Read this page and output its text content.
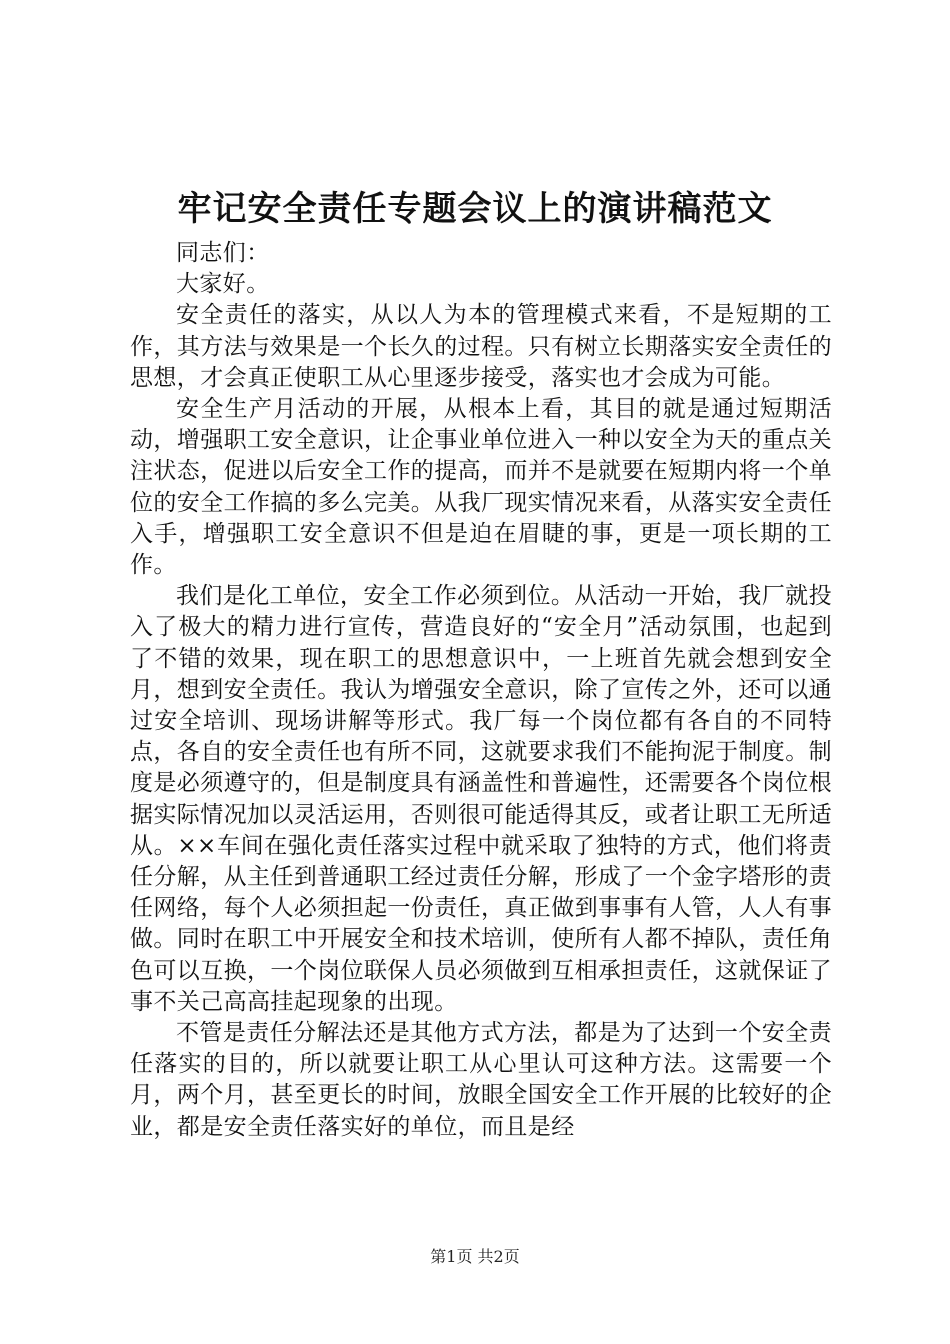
牢记安全责任专题会议上的演讲稿范文

同志们：

大家好。

安全责任的落实，从以人为本的管理模式来看，不是短期的工作，其方法与效果是一个长久的过程。只有树立长期落实安全责任的思想，才会真正使职工从心里逐步接受，落实也才会成为可能。

安全生产月活动的开展，从根本上看，其目的就是通过短期活动，增强职工安全意识，让企事业单位进入一种以安全为天的重点关注状态，促进以后安全工作的提高，而并不是就要在短期内将一个单位的安全工作搞的多么完美。从我厂现实情况来看，从落实安全责任入手，增强职工安全意识不但是迫在眉睫的事，更是一项长期的工作。

我们是化工单位，安全工作必须到位。从活动一开始，我厂就投入了极大的精力进行宣传，营造良好的“安全月”活动氛围，也起到了不错的效果，现在职工的思想意识中，一上班首先就会想到安全月，想到安全责任。我认为增强安全意识，除了宣传之外，还可以通过安全培训、现场讲解等形式。我厂每一个岗位都有各自的不同特点，各自的安全责任也有所不同，这就要求我们不能拘泥于制度。制度是必须遵守的，但是制度具有涵盖性和普遍性，还需要各个岗位根据实际情况加以灵活运用，否则很可能适得其反，或者让职工无所适从。××车间在强化责任落实过程中就采取了独特的方式，他们将责任分解，从主任到普通职工经过责任分解，形成了一个金字塔形的责任网络，每个人必须担起一份责任，真正做到事事有人管，人人有事做。同时在职工中开展安全和技术培训，使所有人都不掉队，责任角色可以互换，一个岗位联保人员必须做到互相承担责任，这就保证了事不关己高高挂起现象的出现。

不管是责任分解法还是其他方式方法，都是为了达到一个安全责任落实的目的，所以就要让职工从心里认可这种方法。这需要一个月，两个月，甚至更长的时间，放眼全国安全工作开展的比较好的企业，都是安全责任落实好的单位，而且是经

第1页 共2页
